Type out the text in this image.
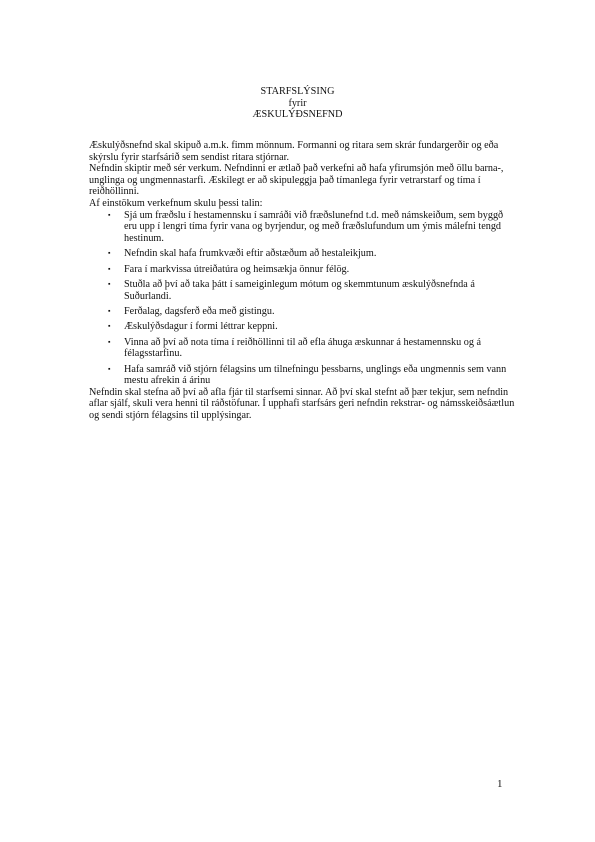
STARFSLÝSING
fyrir
ÆSKULÝÐSNEFND

Æskulýðsnefnd skal skipuð a.m.k. fimm mönnum. Formanni og ritara sem skrár fundargerðir og eða skýrslu fyrir starfsárið sem sendist ritara stjórnar.

Nefndin skiptir með sér verkum. Nefndinni er ætlað það verkefni að hafa yfirumsjón með öllu barna-, unglinga og ungmennastarfi. Æskilegt er að skipuleggja það tímanlega fyrir vetrarstarf og tíma í reiðhöllinni.

Af einstökum verkefnum skulu þessi talin:

▪ Sjá um fræðslu í hestamennsku í samráði við fræðslunefnd t.d. með námskeiðum, sem byggð eru upp í lengri tíma fyrir vana og byrjendur, og með fræðslufundum um ýmis málefni tengd hestinum.
▪ Nefndin skal hafa frumkvæði eftir aðstæðum að hestaleikjum.
▪ Fara í markvissa útreiðatúra og heimsækja önnur félög.
▪ Stuðla að því að taka þátt í sameiginlegum mótum og skemmtunum æskulýðsnefnda á Suðurlandi.
▪ Ferðalag, dagsferð eða með gistingu.
▪ Æskulýðsdagur í formi léttrar keppni.
▪ Vinna að því að nota tíma í reiðhöllinni til að efla áhuga æskunnar á hestamennsku og á félagsstarfinu.
▪ Hafa samráð við stjórn félagsins um tilnefningu þessbarns, unglings eða ungmennis sem vann mestu afrekin á árinu

Nefndin skal stefna að því að afla fjár til starfsemi sinnar. Að því skal stefnt að þær tekjur, sem nefndin aflar sjálf, skuli vera henni til ráðstöfunar. Í upphafi starfsárs geri nefndin rekstrar- og námsskeiðsáætlun og sendi stjórn félagsins til upplýsingar.

1
